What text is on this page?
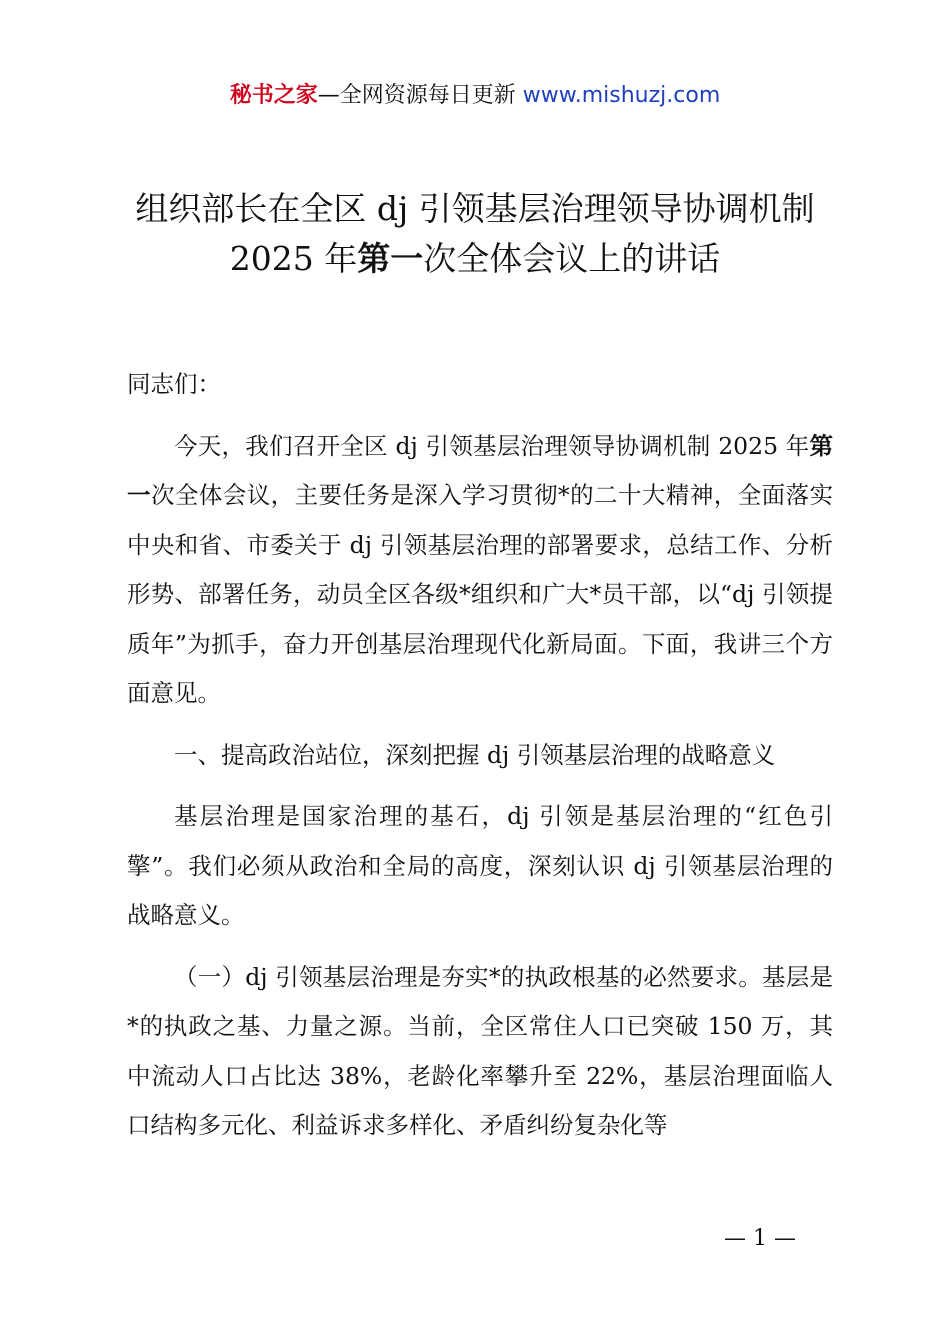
秘书之家—全网资源每日更新 www.mishuzj.com
组织部长在全区 dj 引领基层治理领导协调机制 2025 年第一次全体会议上的讲话

同志们：

今天，我们召开全区 dj 引领基层治理领导协调机制 2025 年第一次全体会议，主要任务是深入学习贯彻*的二十大精神，全面落实中央和省、市委关于 dj 引领基层治理的部署要求，总结工作、分析形势、部署任务，动员全区各级*组织和广大*员干部，以“dj 引领提质年”为抓手，奋力开创基层治理现代化新局面。下面，我讲三个方面意见。

一、提高政治站位，深刻把握 dj 引领基层治理的战略意义

基层治理是国家治理的基石，dj 引领是基层治理的“红色引擎”。我们必须从政治和全局的高度，深刻认识 dj 引领基层治理的战略意义。

（一）dj 引领基层治理是夯实*的执政根基的必然要求。基层是*的执政之基、力量之源。当前，全区常住人口已突破 150 万，其中流动人口占比达 38%，老龄化率攀升至 22%，基层治理面临人口结构多元化、利益诉求多样化、矛盾纠纷复杂化等

— 1 —
